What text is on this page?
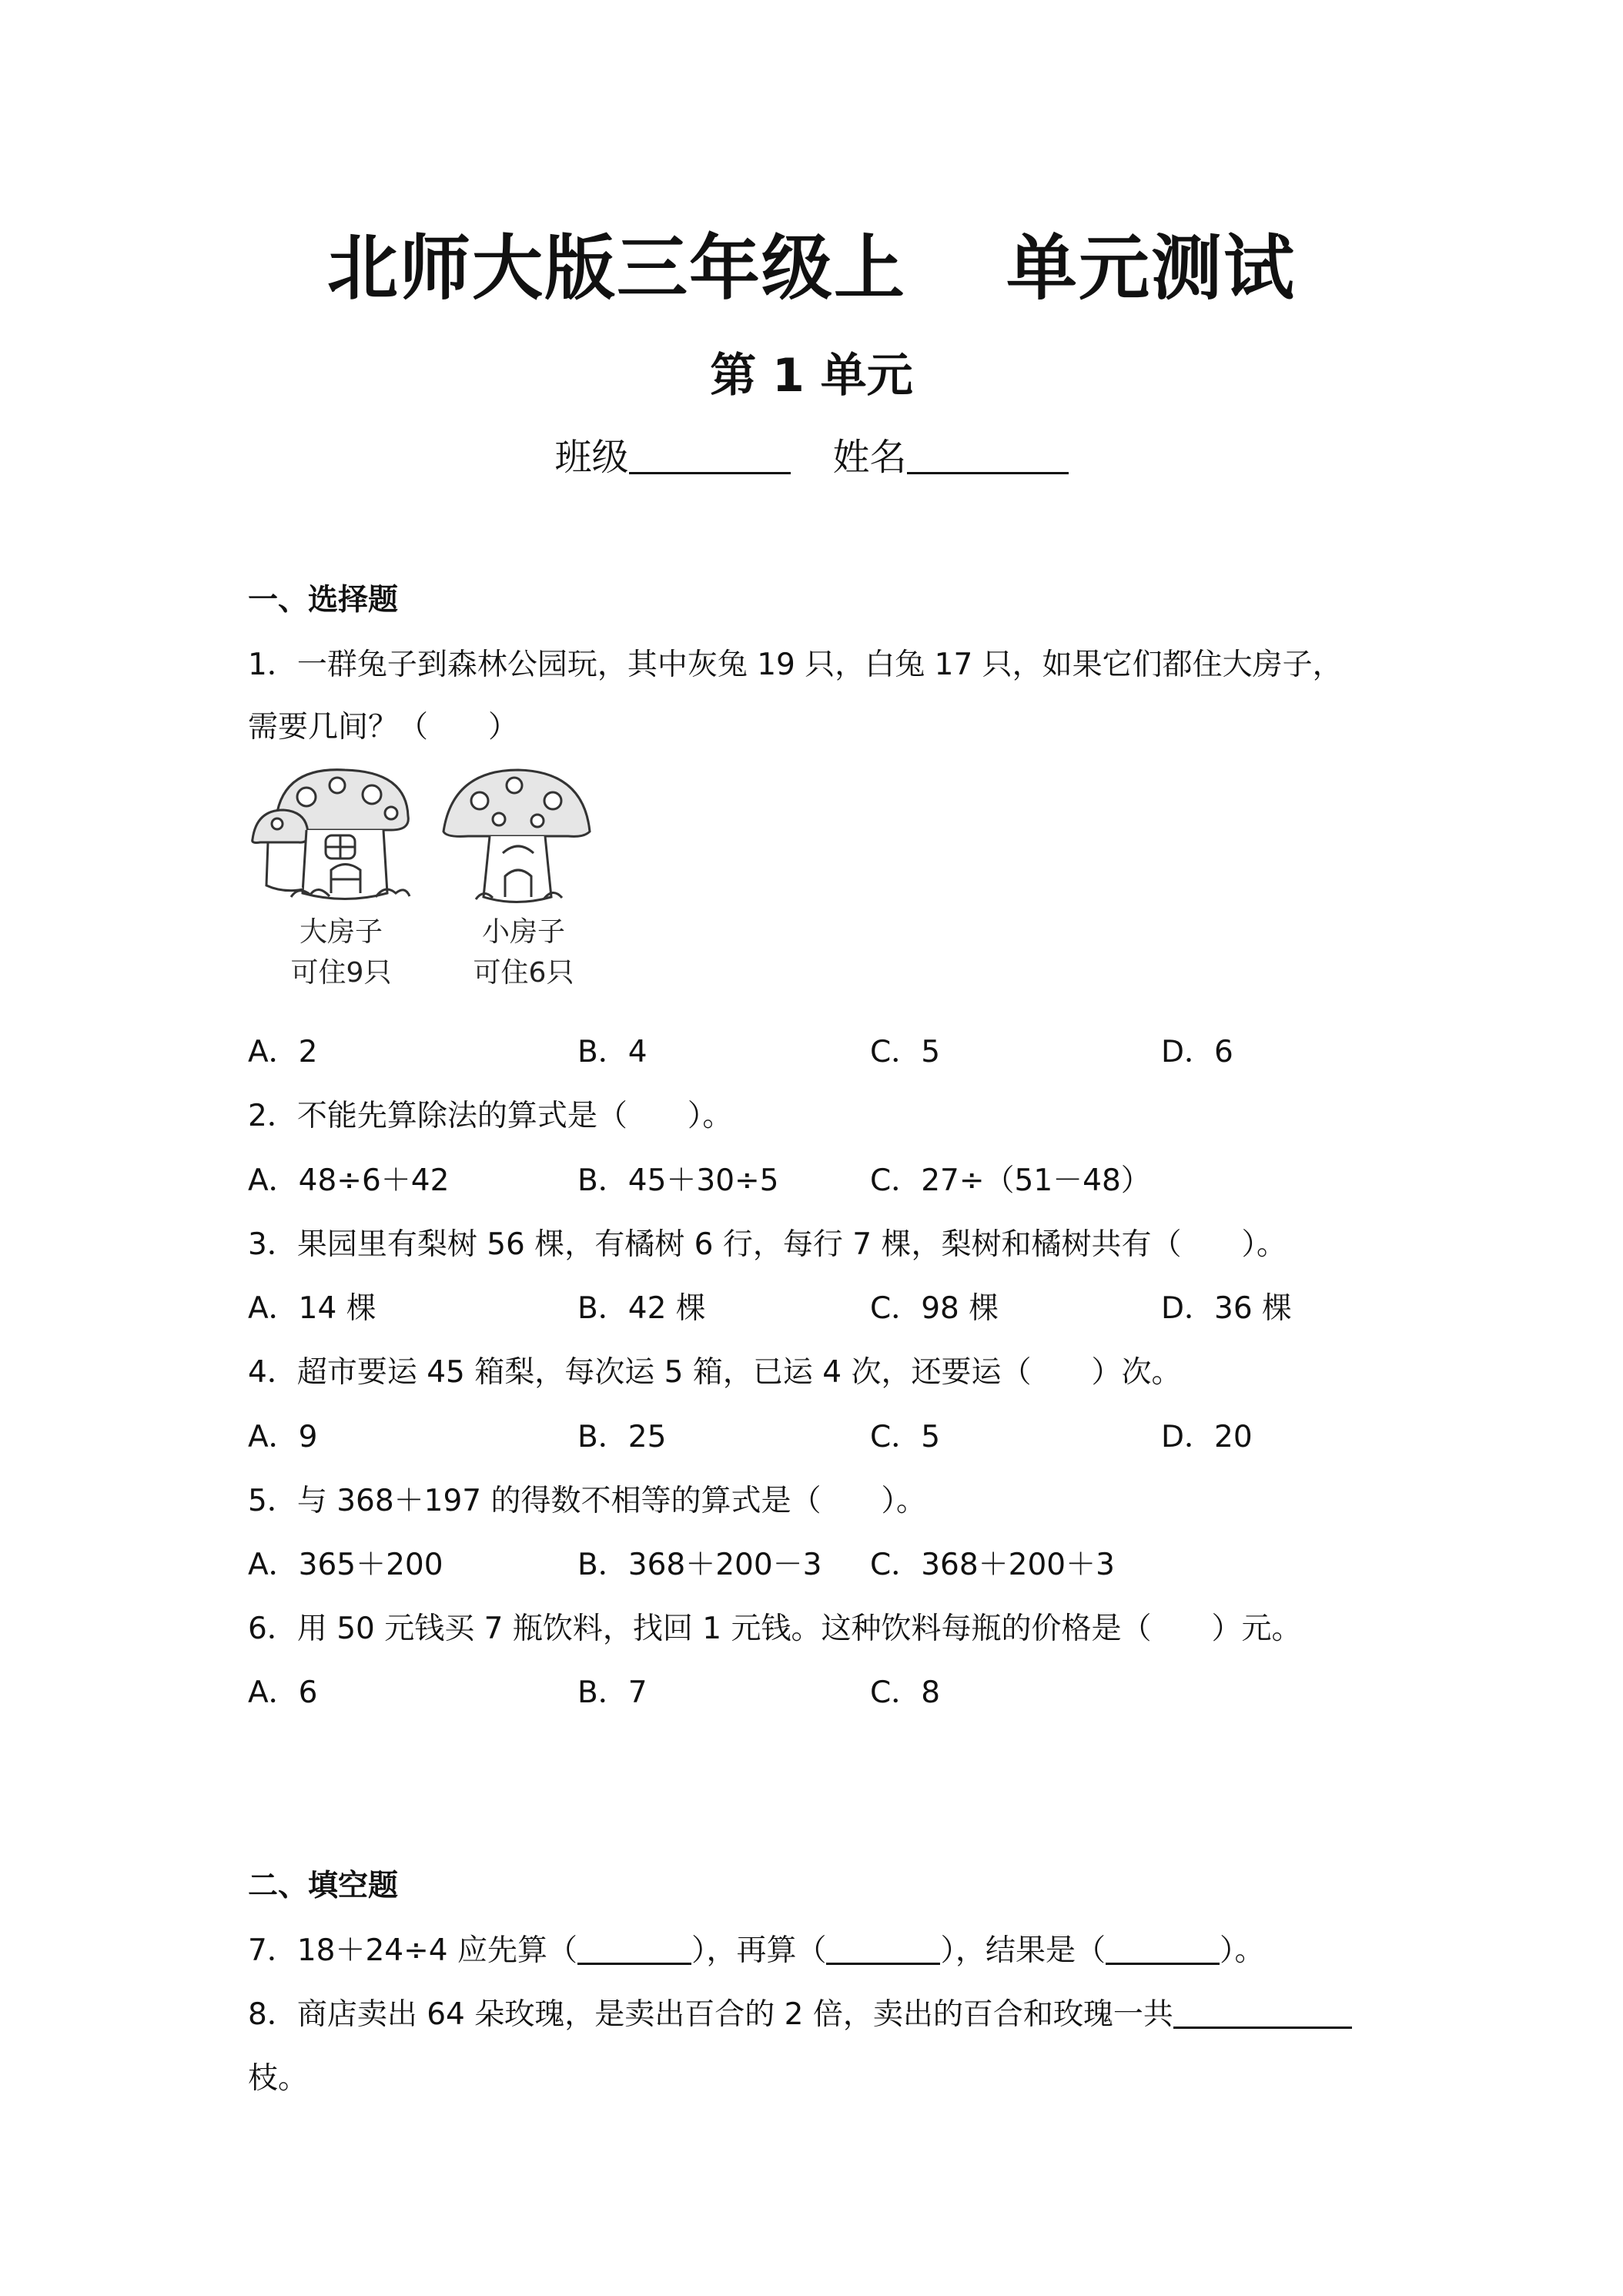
北师大版三年级上 单元测试
第 1 单元
班级	姓名
一、选择题
1．一群兔子到森林公园玩，其中灰兔 19 只，白兔 17 只，如果它们都住大房子，
需要几间？（　　）
大房子
可住9只
小房子
可住6只
A．2	B．4	C．5	D．6
2．不能先算除法的算式是（　　）。
A．48÷6＋42	B．45＋30÷5	C．27÷（51－48）
3．果园里有梨树 56 棵，有橘树 6 行，每行 7 棵，梨树和橘树共有（　　）。
A．14 棵	B．42 棵	C．98 棵	D．36 棵
4．超市要运 45 箱梨，每次运 5 箱，已运 4 次，还要运（　　）次。
A．9	B．25	C．5	D．20
5．与 368＋197 的得数不相等的算式是（　　）。
A．365＋200	B．368＋200－3 C．368＋200＋3
6．用 50 元钱买 7 瓶饮料，找回 1 元钱。这种饮料每瓶的价格是（　　）元。
A．6	B．7	C．8
二、填空题
7．18＋24÷4 应先算（	），再算（	），结果是（	）。
8．商店卖出 64 朵玫瑰，是卖出百合的 2 倍，卖出的百合和玫瑰一共
枝。
